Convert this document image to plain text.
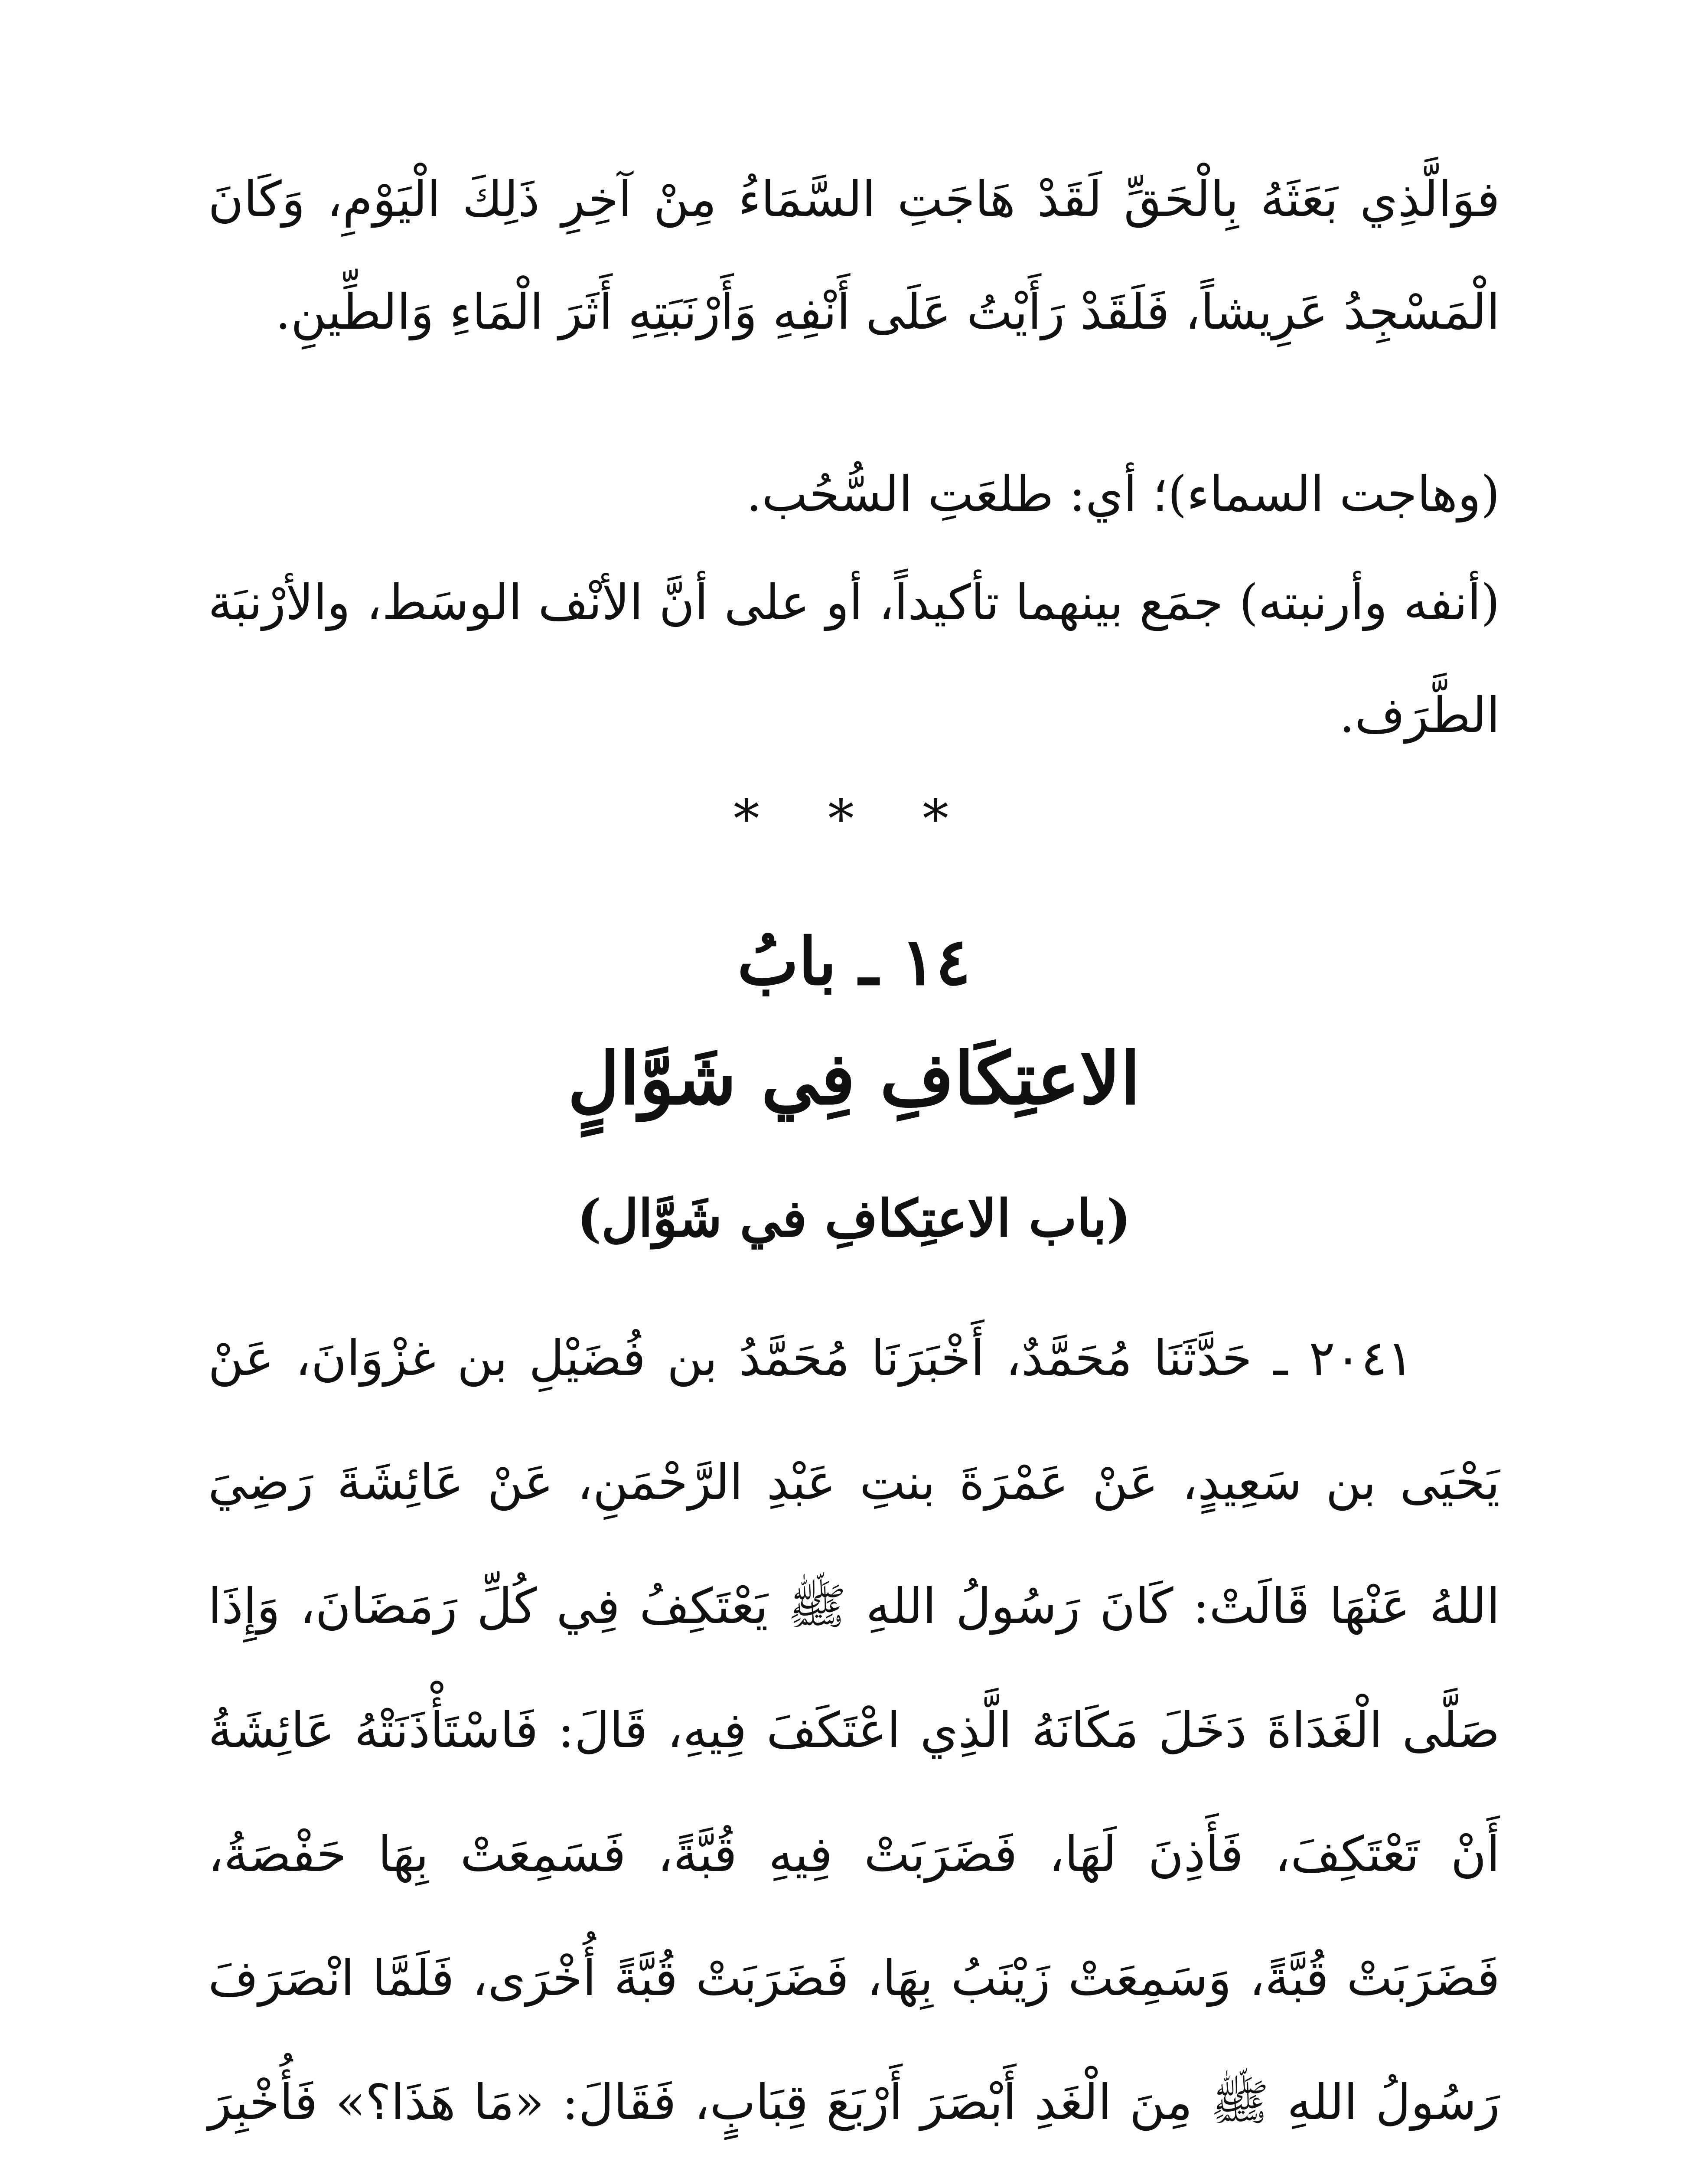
فوَالَّذِي بَعَثَهُ بِالْحَقِّ لَقَدْ هَاجَتِ السَّمَاءُ مِنْ آخِرِ ذَلِكَ الْيَوْمِ، وَكَانَ الْمَسْجِدُ عَرِيشاً، فَلَقَدْ رَأَيْتُ عَلَى أَنْفِهِ وَأَرْنَبَتِهِ أَثَرَ الْمَاءِ وَالطِّينِ.
(وهاجت السماء)؛ أي: طلعَتِ السُّحُب.
(أنفه وأرنبته) جمَع بينهما تأكيداً، أو على أنَّ الأنْف الوسَط، والأرْنبَة الطَّرَف.
* * *
١٤ ـ بابُ
الاعتِكَافِ فِي شَوَّالٍ
(باب الاعتِكافِ في شَوَّال)
٢٠٤١ ـ حَدَّثَنَا مُحَمَّدٌ، أَخْبَرَنَا مُحَمَّدُ بن فُضَيْلِ بن غزْوَانَ، عَنْ يَحْيَى بن سَعِيدٍ، عَنْ عَمْرَةَ بنتِ عَبْدِ الرَّحْمَنِ، عَنْ عَائِشَةَ رَضِيَ اللهُ عَنْهَا قَالَتْ: كَانَ رَسُولُ اللهِ ﷺ يَعْتَكِفُ فِي كُلِّ رَمَضَانَ، وَإِذَا صَلَّى الْغَدَاةَ دَخَلَ مَكَانَهُ الَّذِي اعْتَكَفَ فِيهِ، قَالَ: فَاسْتَأْذَنَتْهُ عَائِشَةُ أَنْ تَعْتَكِفَ، فَأَذِنَ لَهَا، فَضَرَبَتْ فِيهِ قُبَّةً، فَسَمِعَتْ بِهَا حَفْصَةُ، فَضَرَبَتْ قُبَّةً، وَسَمِعَتْ زَيْنَبُ بِهَا، فَضَرَبَتْ قُبَّةً أُخْرَى، فَلَمَّا انْصَرَفَ رَسُولُ اللهِ ﷺ مِنَ الْغَدِ أَبْصَرَ أَرْبَعَ قِبَابٍ، فَقَالَ: «مَا هَذَا؟» فَأُخْبِرَ
